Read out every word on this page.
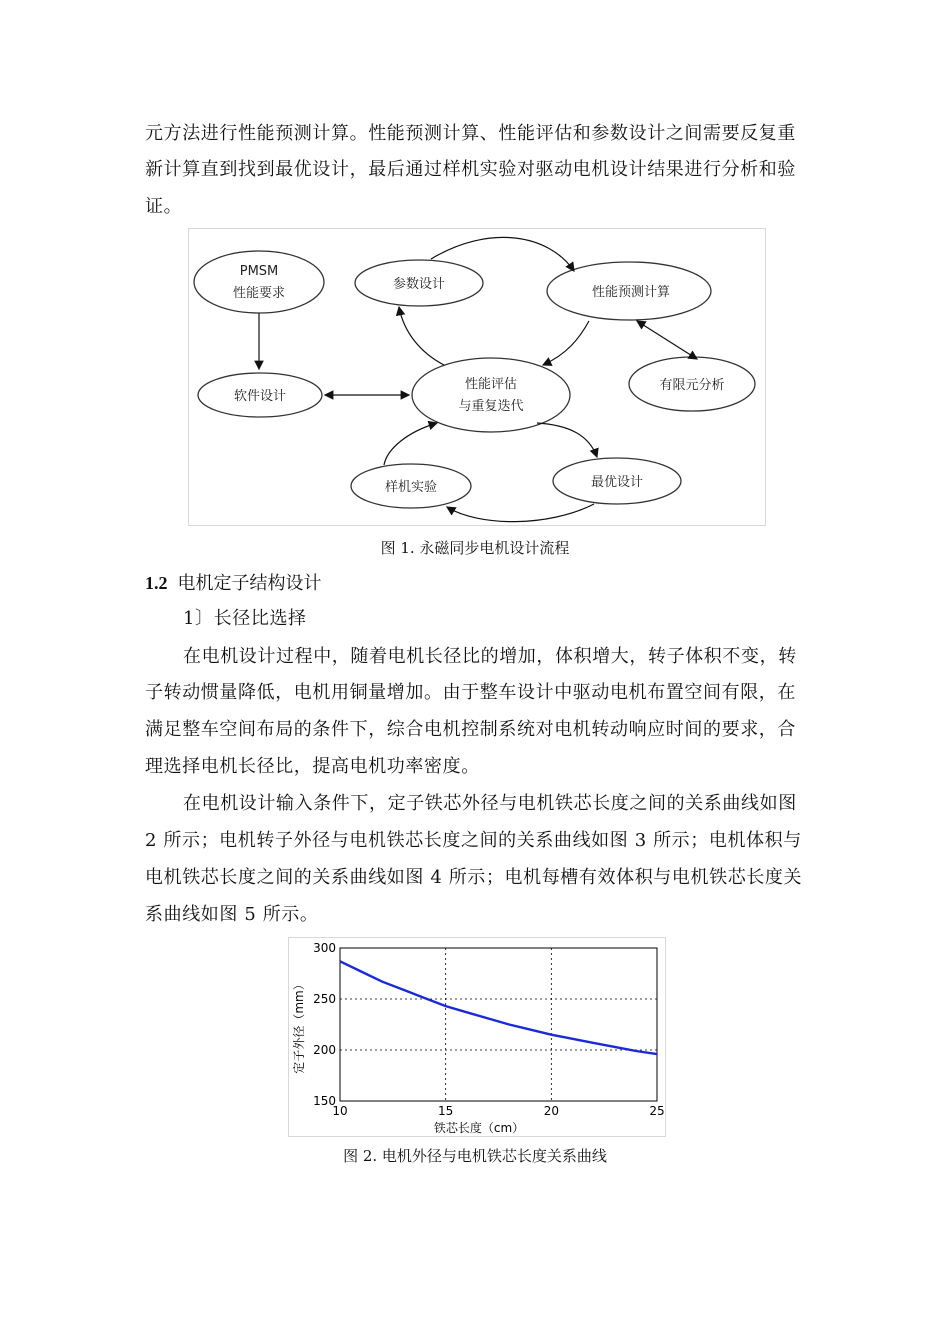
元方法进行性能预测计算。性能预测计算、性能评估和参数设计之间需要反复重
新计算直到找到最优设计，最后通过样机实验对驱动电机设计结果进行分析和验
证。
PMSM
性能要求
参数设计
性能预测计算
软件设计
性能评估
与重复迭代
有限元分析
样机实验	最优设计
图 1. 永磁同步电机设计流程
1.2 电机定子结构设计
1〕长径比选择
在电机设计过程中，随着电机长径比的增加，体积增大，转子体积不变，转
子转动惯量降低，电机用铜量增加。由于整车设计中驱动电机布置空间有限，在
满足整车空间布局的条件下，综合电机控制系统对电机转动响应时间的要求，合
理选择电机长径比，提高电机功率密度。
在电机设计输入条件下，定子铁芯外径与电机铁芯长度之间的关系曲线如图
2 所示；电机转子外径与电机铁芯长度之间的关系曲线如图 3 所示；电机体积与
电机铁芯长度之间的关系曲线如图 4 所示；电机每槽有效体积与电机铁芯长度关
系曲线如图 5 所示。
10	15	20	25
300
250
200
150
铁芯长度（cm）
定子外径（mm）
图 2. 电机外径与电机铁芯长度关系曲线
